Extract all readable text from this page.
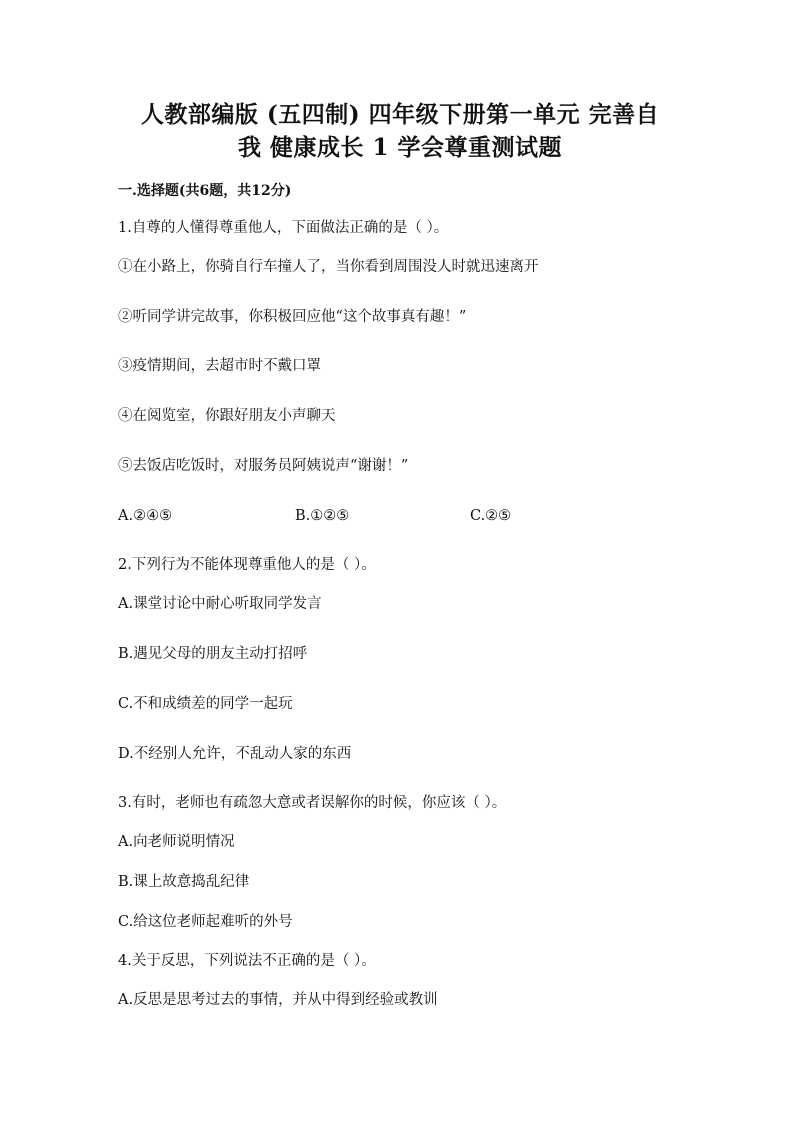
人教部编版 (五四制) 四年级下册第一单元 完善自
我 健康成长 1 学会尊重测试题
一.选择题(共6题，共12分)
1.自尊的人懂得尊重他人，下面做法正确的是（ ）。
①在小路上，你骑自行车撞人了，当你看到周围没人时就迅速离开
②听同学讲完故事，你积极回应他“这个故事真有趣！”
③疫情期间，去超市时不戴口罩
④在阅览室，你跟好朋友小声聊天
⑤去饭店吃饭时，对服务员阿姨说声“谢谢！”
A.②④⑤	B.①②⑤	C.②⑤
2.下列行为不能体现尊重他人的是（ ）。
A.课堂讨论中耐心听取同学发言
B.遇见父母的朋友主动打招呼
C.不和成绩差的同学一起玩
D.不经别人允许，不乱动人家的东西
3.有时，老师也有疏忽大意或者误解你的时候，你应该（ ）。
A.向老师说明情况
B.课上故意捣乱纪律
C.给这位老师起难听的外号
4.关于反思，下列说法不正确的是（ ）。
A.反思是思考过去的事情，并从中得到经验或教训
